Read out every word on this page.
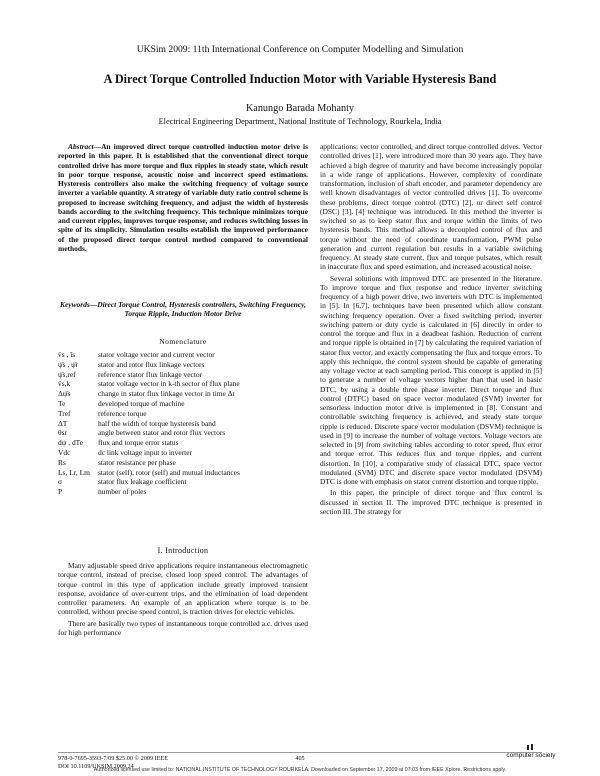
UKSim 2009: 11th International Conference on Computer Modelling and Simulation
A Direct Torque Controlled Induction Motor with Variable Hysteresis Band
Kanungo Barada Mohanty
Electrical Engineering Department, National Institute of Technology, Rourkela, India

Abstract—An improved direct torque controlled induction motor drive is reported in this paper. It is established that the conventional direct torque controlled drive has more torque and flux ripples in steady state, which result in poor torque response, acoustic noise and incorrect speed estimations. Hysteresis controllers also make the switching frequency of voltage source inverter a variable quantity. A strategy of variable duty ratio control scheme is proposed to increase switching frequency, and adjust the width of hysteresis bands according to the switching frequency. This technique minimizes torque and current ripples, improves torque response, and reduces switching losses in spite of its simplicity. Simulation results establish the improved performance of the proposed direct torque control method compared to conventional methods.

Keywords—Direct Torque Control, Hysteresis controllers, Switching Frequency, Torque Ripple, Induction Motor Drive
Nomenclature
v̄s , īs	stator voltage vector and current vector
ψ̄s , ψ̄r	stator and rotor flux linkage vectors
ψ̄s,ref	reference stator flux linkage vector
v̄s,k	stator voltage vector in k-th sector of flux plane
Δψ̄s	change in stator flux linkage vector in time Δt
Te	developed torque of machine
Tref	reference torque
ΔT	half the width of torque hysteresis band
θsr	angle between stator and rotor flux vectors
dψ , dTe	flux and torque error status
Vdc	dc link voltage input to inverter
Rs	stator resistance per phase
Ls, Lr, Lm	stator (self), rotor (self) and mutual inductances
σ	stator flux leakage coefficient
P	number of poles
I. Introduction

Many adjustable speed drive applications require instantaneous electromagnetic torque control, instead of precise, closed loop speed control. The advantages of torque control in this type of application include greatly improved transient response, avoidance of over-current trips, and the elimination of load dependent controller parameters. An example of an application where torque is to be controlled, without precise speed control, is traction drives for electric vehicles.

There are basically two types of instantaneous torque controlled a.c. drives used for high performance

applications: vector controlled, and direct torque controlled drives. Vector controlled drives [1], were introduced more than 30 years ago. They have achieved a high degree of maturity and have become increasingly popular in a wide range of applications. However, complexity of coordinate transformation, inclusion of shaft encoder, and parameter dependency are well known disadvantages of vector controlled drives [1]. To overcome these problems, direct torque control (DTC) [2], or direct self control (DSC) [3], [4] technique was introduced. In this method the inverter is switched so as to keep stator flux and torque within the limits of two hysteresis bands. This method allows a decoupled control of flux and torque without the need of coordinate transformation, PWM pulse generation and current regulation but results in a variable switching frequency. At steady state current, flux and torque pulsates, which result in inaccurate flux and speed estimation, and increased acoustical noise.

Several solutions with improved DTC are presented in the literature. To improve torque and flux response and reduce inverter switching frequency of a high power drive, two inverters with DTC is implemented in [5]. In [6,7], techniques have been presented which allow constant switching frequency operation. Over a fixed switching period, inverter switching pattern or duty cycle is calculated in [6] directly in order to control the torque and flux in a deadbeat fashion. Reduction of current and torque ripple is obtained in [7] by calculating the required variation of stator flux vector, and exactly compensating the flux and torque errors. To apply this technique, the control system should be capable of generating any voltage vector at each sampling period. This concept is applied in [5] to generate a number of voltage vectors higher than that used in basic DTC, by using a double three phase inverter. Direct torque and flux control (DTFC) based on space vector modulated (SVM) inverter for sensorless induction motor drive is implemented in [8]. Constant and controllable switching frequency is achieved, and steady state torque ripple is reduced. Discrete space vector modulation (DSVM) technique is used in [9] to increase the number of voltage vectors. Voltage vectors are selected in [9] from switching tables according to rotor speed, flux error and torque error. This reduces flux and torque ripples, and current distortion. In [10], a comparative study of classical DTC, space vector modulated (SVM) DTC and discrete space vector modulated (DSVM) DTC is done with emphasis on stator current distortion and torque ripple.

In this paper, the principle of direct torque and flux control is discussed in section II. The improved DTC technique is presented in section III. The strategy for

978-0-7695-3593-7/09 $25.00 © 2009 IEEE
DOI 10.1109/UKSIM.2009.24
405	computer society
Authorized licensed use limited to: NATIONAL INSTITUTE OF TECHNOLOGY ROURKELA. Downloaded on September 17, 2009 at 07:03 from IEEE Xplore. Restrictions apply.
